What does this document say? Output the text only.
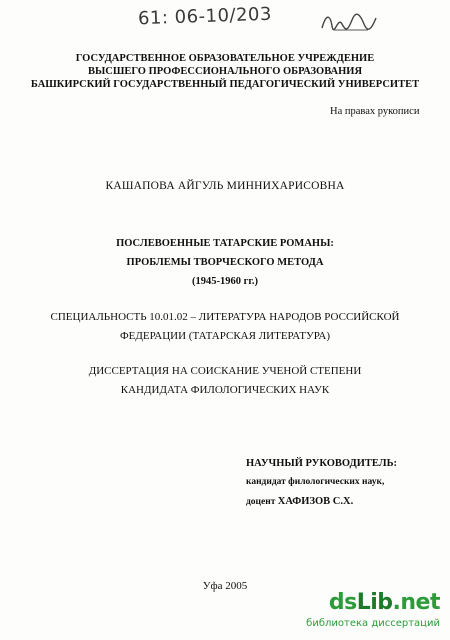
61: 06-10/203
ГОСУДАРСТВЕННОЕ ОБРАЗОВАТЕЛЬНОЕ УЧРЕЖДЕНИЕ
ВЫСШЕГО ПРОФЕССИОНАЛЬНОГО ОБРАЗОВАНИЯ
БАШКИРСКИЙ ГОСУДАРСТВЕННЫЙ ПЕДАГОГИЧЕСКИЙ УНИВЕРСИТЕТ
На правах рукописи
КАШАПОВА АЙГУЛЬ МИННИХАРИСОВНА
ПОСЛЕВОЕННЫЕ ТАТАРСКИЕ РОМАНЫ:
ПРОБЛЕМЫ ТВОРЧЕСКОГО МЕТОДА
(1945-1960 гг.)
СПЕЦИАЛЬНОСТЬ 10.01.02 – ЛИТЕРАТУРА НАРОДОВ РОССИЙСКОЙ
ФЕДЕРАЦИИ (ТАТАРСКАЯ ЛИТЕРАТУРА)
ДИССЕРТАЦИЯ НА СОИСКАНИЕ УЧЕНОЙ СТЕПЕНИ
КАНДИДАТА ФИЛОЛОГИЧЕСКИХ НАУК
НАУЧНЫЙ РУКОВОДИТЕЛЬ:
кандидат филологических наук,
доцент ХАФИЗОВ С.Х.
Уфа 2005
dsLib.net
библиотека диссертаций
